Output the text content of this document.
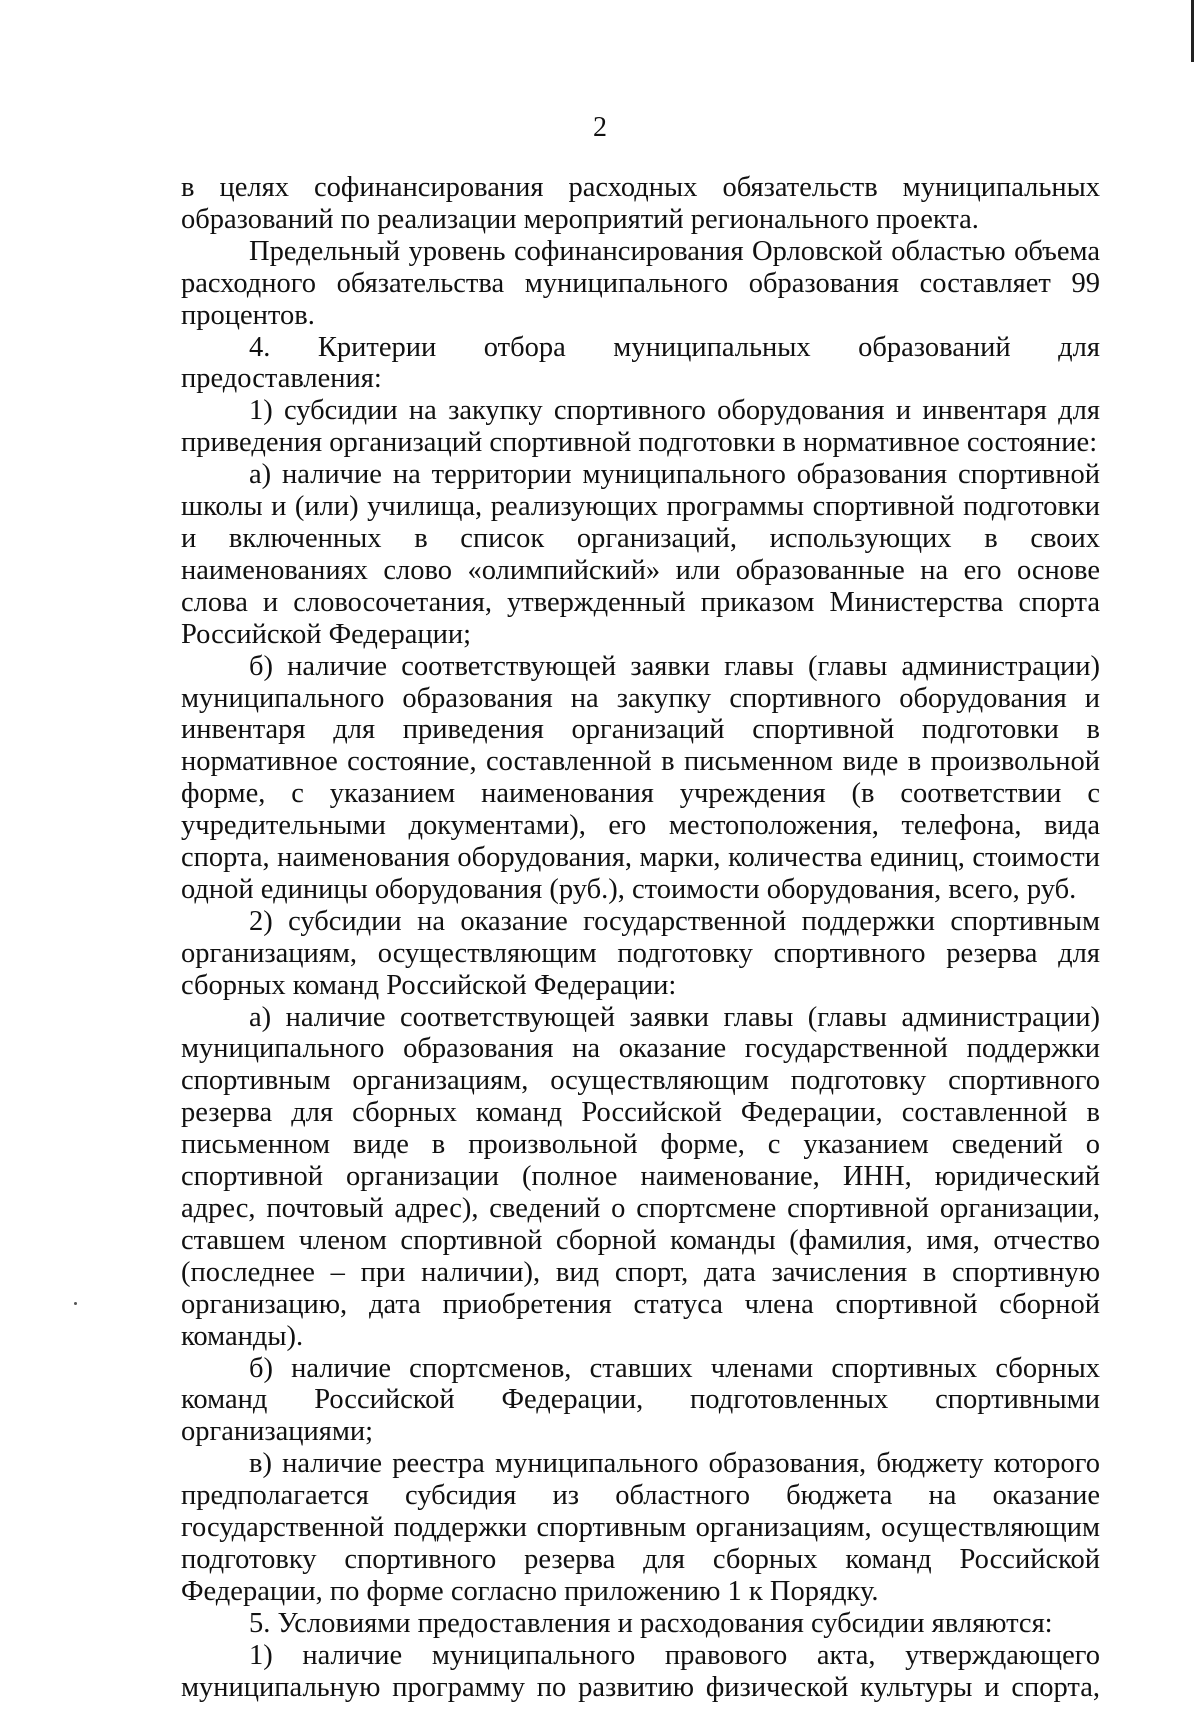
2

в целях софинансирования расходных обязательств муниципальных образований по реализации мероприятий регионального проекта.

Предельный уровень софинансирования Орловской областью объема расходного обязательства муниципального образования составляет 99 процентов.

4. Критерии отбора муниципальных образований для предоставления:

1) субсидии на закупку спортивного оборудования и инвентаря для приведения организаций спортивной подготовки в нормативное состояние:

а) наличие на территории муниципального образования спортивной школы и (или) училища, реализующих программы спортивной подготовки и включенных в список организаций, использующих в своих наименованиях слово «олимпийский» или образованные на его основе слова и словосочетания, утвержденный приказом Министерства спорта Российской Федерации;

б) наличие соответствующей заявки главы (главы администрации) муниципального образования на закупку спортивного оборудования и инвентаря для приведения организаций спортивной подготовки в нормативное состояние, составленной в письменном виде в произвольной форме, с указанием наименования учреждения (в соответствии с учредительными документами), его местоположения, телефона, вида спорта, наименования оборудования, марки, количества единиц, стоимости одной единицы оборудования (руб.), стоимости оборудования, всего, руб.

2) субсидии на оказание государственной поддержки спортивным организациям, осуществляющим подготовку спортивного резерва для сборных команд Российской Федерации:

а) наличие соответствующей заявки главы (главы администрации) муниципального образования на оказание государственной поддержки спортивным организациям, осуществляющим подготовку спортивного резерва для сборных команд Российской Федерации, составленной в письменном виде в произвольной форме, с указанием сведений о спортивной организации (полное наименование, ИНН, юридический адрес, почтовый адрес), сведений о спортсмене спортивной организации, ставшем членом спортивной сборной команды (фамилия, имя, отчество (последнее – при наличии), вид спорт, дата зачисления в спортивную организацию, дата приобретения статуса члена спортивной сборной команды).

б) наличие спортсменов, ставших членами спортивных сборных команд Российской Федерации, подготовленных спортивными организациями;

в) наличие реестра муниципального образования, бюджету которого предполагается субсидия из областного бюджета на оказание государственной поддержки спортивным организациям, осуществляющим подготовку спортивного резерва для сборных команд Российской Федерации, по форме согласно приложению 1 к Порядку.

5. Условиями предоставления и расходования субсидии являются:

1) наличие муниципального правового акта, утверждающего муниципальную программу по развитию физической культуры и спорта,
